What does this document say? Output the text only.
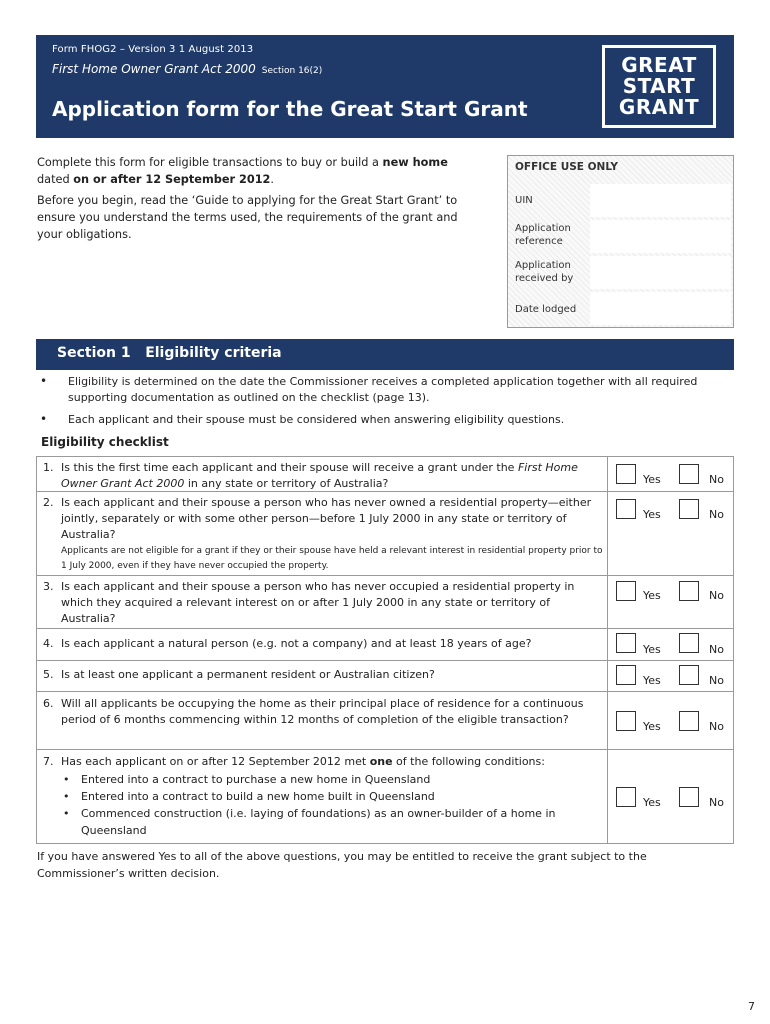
Form FHOG2 – Version 3 1 August 2013
First Home Owner Grant Act 2000 Section 16(2)
Application form for the Great Start Grant
GREAT
START
GRANT
Complete this form for eligible transactions to buy or build a new home dated on or after 12 September 2012.
Before you begin, read the ‘Guide to applying for the Great Start Grant’ to ensure you understand the terms used, the requirements of the grant and your obligations.
OFFICE USE ONLY
UIN
Application reference
Application received by
Date lodged
Section 1   Eligibility criteria
• Eligibility is determined on the date the Commissioner receives a completed application together with all required supporting documentation as outlined on the checklist (page 13).
• Each applicant and their spouse must be considered when answering eligibility questions.
Eligibility checklist
1. Is this the first time each applicant and their spouse will receive a grant under the First Home Owner Grant Act 2000 in any state or territory of Australia?	Yes	No
2. Is each applicant and their spouse a person who has never owned a residential property—either jointly, separately or with some other person—before 1 July 2000 in any state or territory of Australia?
Applicants are not eligible for a grant if they or their spouse have held a relevant interest in residential property prior to 1 July 2000, even if they have never occupied the property.
Yes	No
3. Is each applicant and their spouse a person who has never occupied a residential property in which they acquired a relevant interest on or after 1 July 2000 in any state or territory of Australia?
Yes	No
4. Is each applicant a natural person (e.g. not a company) and at least 18 years of age?	Yes	No
5. Is at least one applicant a permanent resident or Australian citizen?	Yes	No
6. Will all applicants be occupying the home as their principal place of residence for a continuous period of 6 months commencing within 12 months of completion of the eligible transaction?
Yes	No
7. Has each applicant on or after 12 September 2012 met one of the following conditions:
• Entered into a contract to purchase a new home in Queensland
• Entered into a contract to build a new home built in Queensland
• Commenced construction (i.e. laying of foundations) as an owner-builder of a home in Queensland
Yes	No
If you have answered Yes to all of the above questions, you may be entitled to receive the grant subject to the Commissioner’s written decision.
7
